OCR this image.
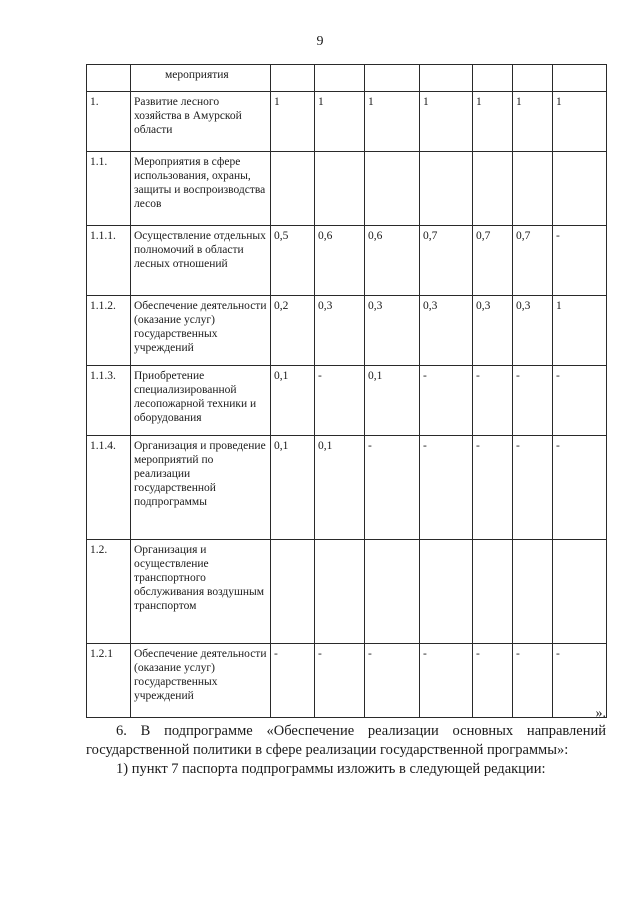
9
	мероприятия							
1.	Развитие лесного хозяйства в Амурской области	1	1	1	1	1	1	1
1.1.	Мероприятия в сфере использования, охраны, защиты и воспроизводства лесов							
1.1.1.	Осуществление отдельных полномочий в области лесных отношений	0,5	0,6	0,6	0,7	0,7	0,7	-
1.1.2.	Обеспечение деятельности (оказание услуг) государственных учреждений	0,2	0,3	0,3	0,3	0,3	0,3	1
1.1.3.	Приобретение специализированной лесопожарной техники и оборудования	0,1	-	0,1	-	-	-	-
1.1.4.	Организация и проведение мероприятий по реализации государственной подпрограммы	0,1	0,1	-	-	-	-	-
1.2.	Организация и осуществление транспортного обслуживания воздушным транспортом							
1.2.1	Обеспечение деятельности (оказание услуг) государственных учреждений	-	-	-	-	-	-	-
».
6. В подпрограмме «Обеспечение реализации основных направлений государственной политики в сфере реализации государственной программы»:
1) пункт 7 паспорта подпрограммы изложить в следующей редакции:
